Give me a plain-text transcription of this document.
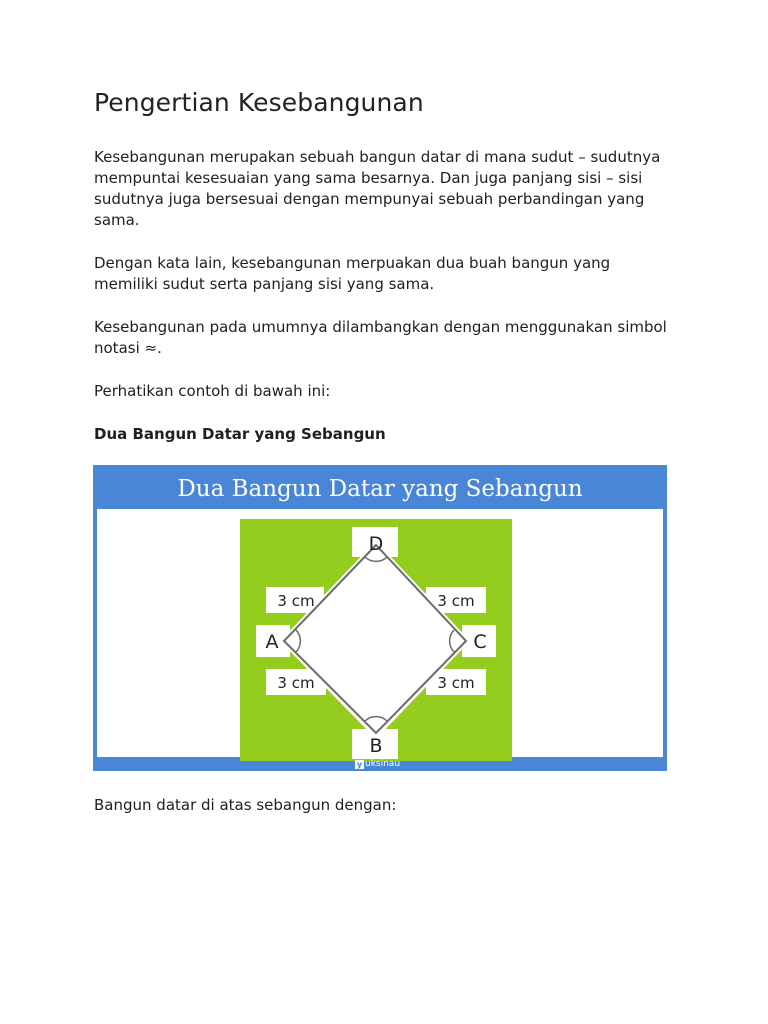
Pengertian Kesebangunan

Kesebangunan merupakan sebuah bangun datar di mana sudut – sudutnya mempuntai kesesuaian yang sama besarnya. Dan juga panjang sisi – sisi sudutnya juga bersesuai dengan mempunyai sebuah perbandingan yang sama.

Dengan kata lain, kesebangunan merpuakan dua buah bangun yang memiliki sudut serta panjang sisi yang sama.

Kesebangunan pada umumnya dilambangkan dengan menggunakan simbol notasi ≈.

Perhatikan contoh di bawah ini:

Dua Bangun Datar yang Sebangun

Dua Bangun Datar yang Sebangun
D
B
A	C
3 cm	3 cm
3 cm	3 cm
y uksinau

Bangun datar di atas sebangun dengan:
